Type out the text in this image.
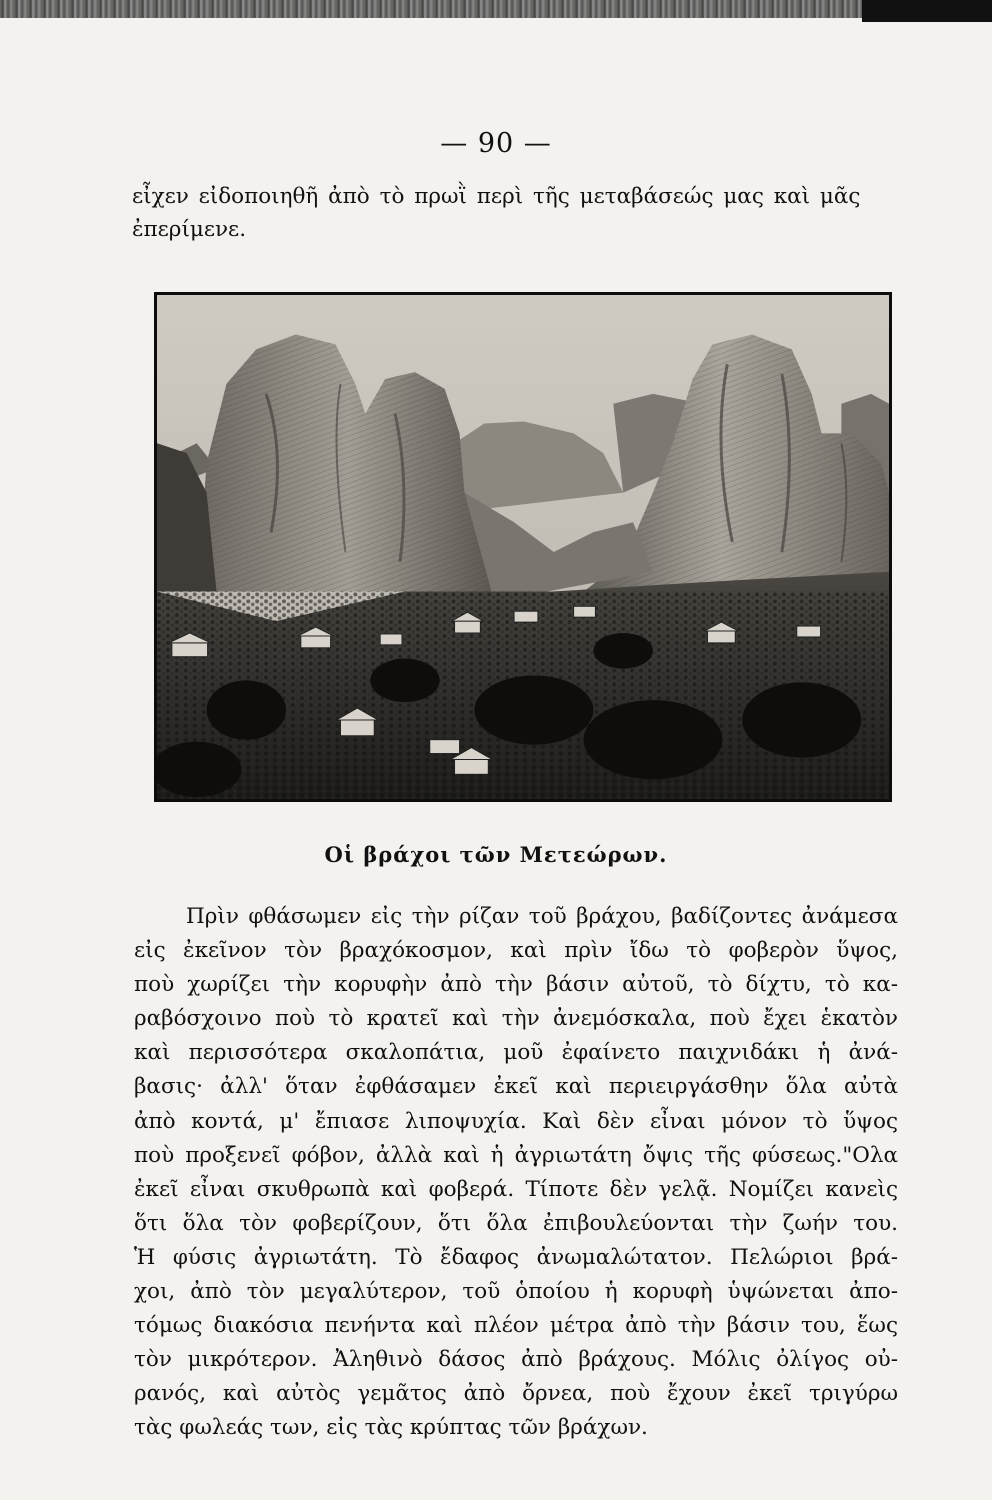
— 90 —
εἶχεν εἰδοποιηθῆ ἀπὸ τὸ πρωῒ περὶ τῆς μεταβάσεώς μας καὶ μᾶς
ἐπερίμενε.
Οἱ βράχοι τῶν Μετεώρων.
Πρὶν φθάσωμεν εἰς τὴν ρίζαν τοῦ βράχου, βαδίζοντες ἀνάμεσα
εἰς ἐκεῖνον τὸν βραχόκοσμον, καὶ πρὶν ἴδω τὸ φοβερὸν ὕψος,
ποὺ χωρίζει τὴν κορυφὴν ἀπὸ τὴν βάσιν αὐτοῦ, τὸ δίχτυ, τὸ κα-
ραβόσχοινο ποὺ τὸ κρατεῖ καὶ τὴν ἀνεμόσκαλα, ποὺ ἔχει ἑκατὸν
καὶ περισσότερα σκαλοπάτια, μοῦ ἐφαίνετο παιχνιδάκι ἡ ἀνά-
βασις· ἀλλ' ὅταν ἐφθάσαμεν ἐκεῖ καὶ περιειργάσθην ὅλα αὐτὰ
ἀπὸ κοντά, μ' ἔπιασε λιποψυχία. Καὶ δὲν εἶναι μόνον τὸ ὕψος
ποὺ προξενεῖ φόβον, ἀλλὰ καὶ ἡ ἀγριωτάτη ὄψις τῆς φύσεως."Ολα
ἐκεῖ εἶναι σκυθρωπὰ καὶ φοβερά. Τίποτε δὲν γελᾷ. Νομίζει κανεὶς
ὅτι ὅλα τὸν φοβερίζουν, ὅτι ὅλα ἐπιβουλεύονται τὴν ζωήν του.
Ἡ φύσις ἀγριωτάτη. Τὸ ἔδαφος ἀνωμαλώτατον. Πελώριοι βρά-
χοι, ἀπὸ τὸν μεγαλύτερον, τοῦ ὁποίου ἡ κορυφὴ ὑψώνεται ἀπο-
τόμως διακόσια πενήντα καὶ πλέον μέτρα ἀπὸ τὴν βάσιν του, ἕως
τὸν μικρότερον. Ἀληθινὸ δάσος ἀπὸ βράχους. Μόλις ὀλίγος οὐ-
ρανός, καὶ αὐτὸς γεμᾶτος ἀπὸ ὄρνεα, ποὺ ἔχουν ἐκεῖ τριγύρω
τὰς φωλεάς των, εἰς τὰς κρύπτας τῶν βράχων.
